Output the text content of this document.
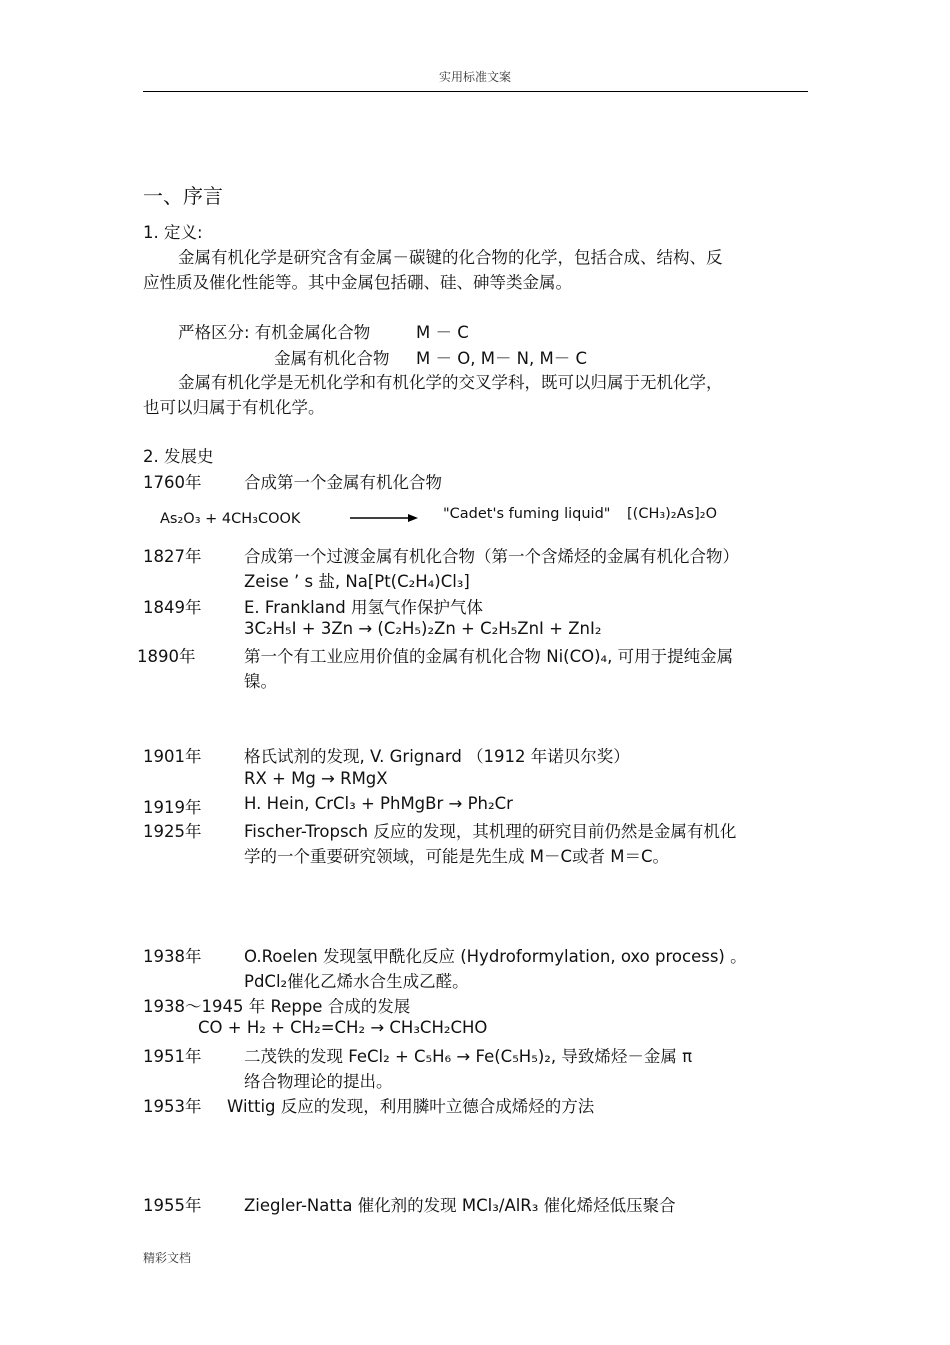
实用标准文案
一、序言
1. 定义:
金属有机化学是研究含有金属－碳键的化合物的化学，包括合成、结构、反
应性质及催化性能等。其中金属包括硼、硅、砷等类金属。
严格区分: 有机金属化合物	M － C
金属有机化合物 M － O, M－ N, M－ C
金属有机化学是无机化学和有机化学的交叉学科，既可以归属于无机化学，
也可以归属于有机化学。
2. 发展史
1760年	合成第一个金属有机化合物
As₂O₃ + 4CH₃COOK	"Cadet's fuming liquid" [(CH₃)₂As]₂O
1827年	合成第一个过渡金属有机化合物（第一个含烯烃的金属有机化合物）
Zeise ’ s 盐, Na[Pt(C₂H₄)Cl₃]
1849年	E. Frankland 用氢气作保护气体
3C₂H₅I + 3Zn → (C₂H₅)₂Zn + C₂H₅ZnI + ZnI₂
1890年	第一个有工业应用价值的金属有机化合物 Ni(CO)₄, 可用于提纯金属
镍。
1901年	格氏试剂的发现, V. Grignard （1912 年诺贝尔奖）
RX + Mg → RMgX
1919年	H. Hein, CrCl₃ + PhMgBr → Ph₂Cr
1925年	Fischer-Tropsch 反应的发现，其机理的研究目前仍然是金属有机化
学的一个重要研究领域，可能是先生成 M－C或者 M＝C。
1938年	O.Roelen 发现氢甲酰化反应 (Hydroformylation, oxo process) 。
PdCl₂催化乙烯水合生成乙醛。
1938～1945 年 Reppe 合成的发展
CO + H₂ + CH₂=CH₂ → CH₃CH₂CHO
1951年	二茂铁的发现 FeCl₂ + C₅H₆ → Fe(C₅H₅)₂, 导致烯烃－金属 π
络合物理论的提出。
1953年 Wittig 反应的发现，利用膦叶立德合成烯烃的方法
1955年	Ziegler-Natta 催化剂的发现 MCl₃/AlR₃ 催化烯烃低压聚合
精彩文档
